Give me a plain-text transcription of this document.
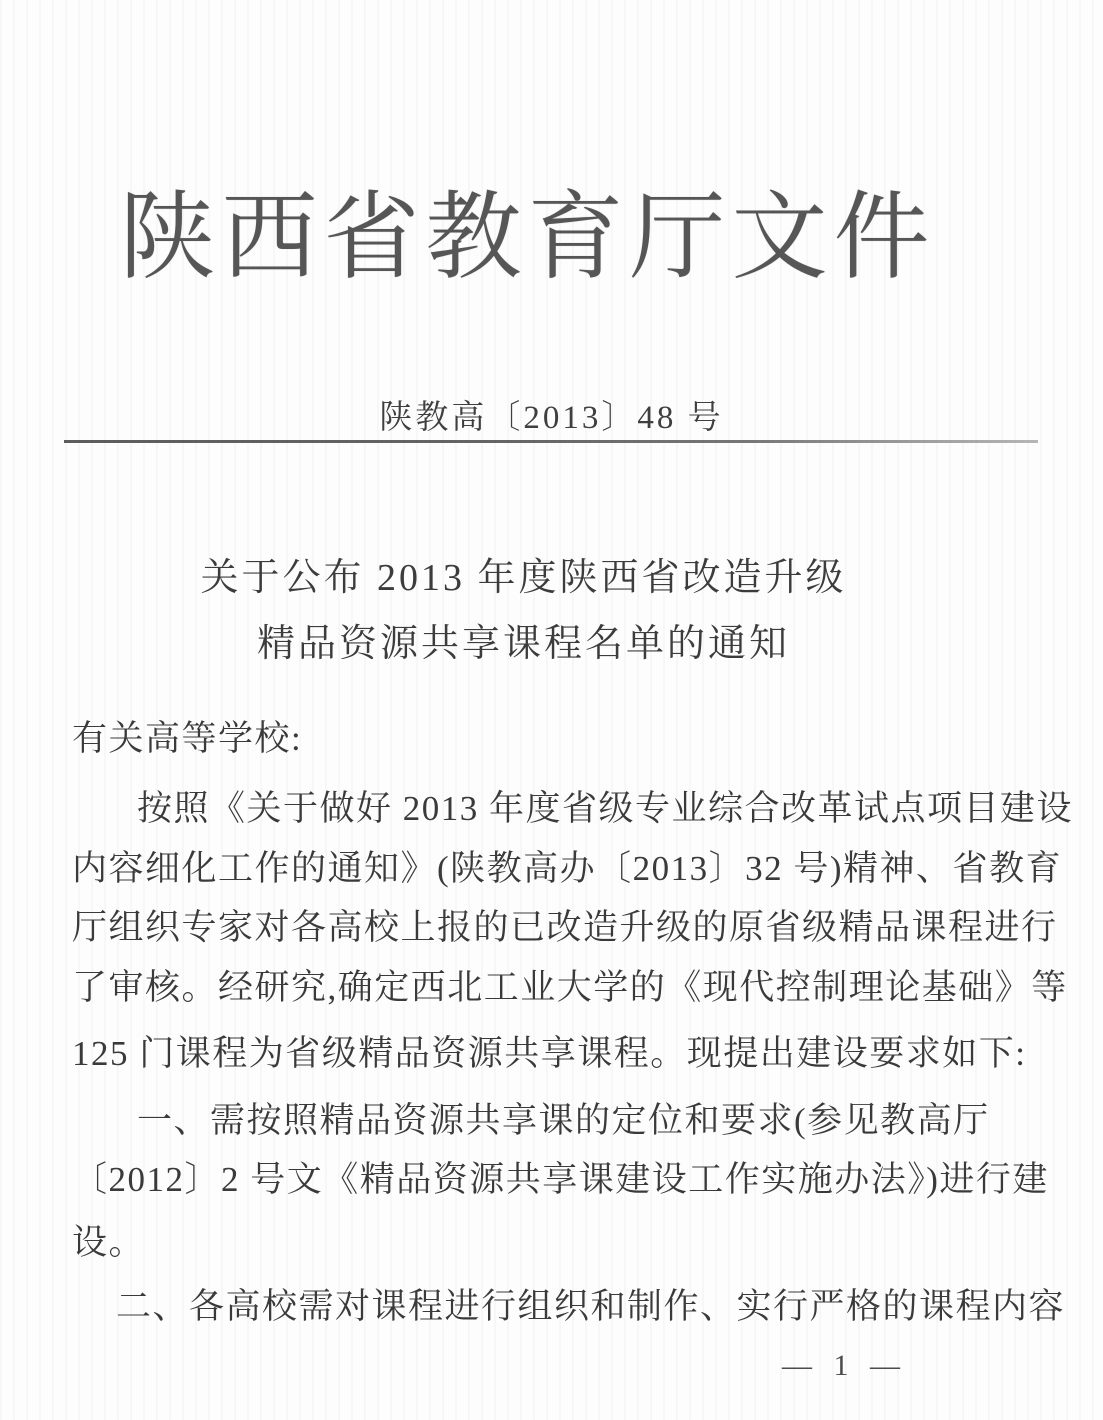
陕西省教育厅文件
陕教高〔2013〕48 号
关于公布 2013 年度陕西省改造升级
精品资源共享课程名单的通知
有关高等学校:
按照《关于做好 2013 年度省级专业综合改革试点项目建设
内容细化工作的通知》(陕教高办〔2013〕32 号)精神、省教育
厅组织专家对各高校上报的已改造升级的原省级精品课程进行
了审核。经研究,确定西北工业大学的《现代控制理论基础》等
125 门课程为省级精品资源共享课程。现提出建设要求如下:
一、需按照精品资源共享课的定位和要求(参见教高厅
〔2012〕2 号文《精品资源共享课建设工作实施办法》)进行建
设。
二、各高校需对课程进行组织和制作、实行严格的课程内容
— 1 —
